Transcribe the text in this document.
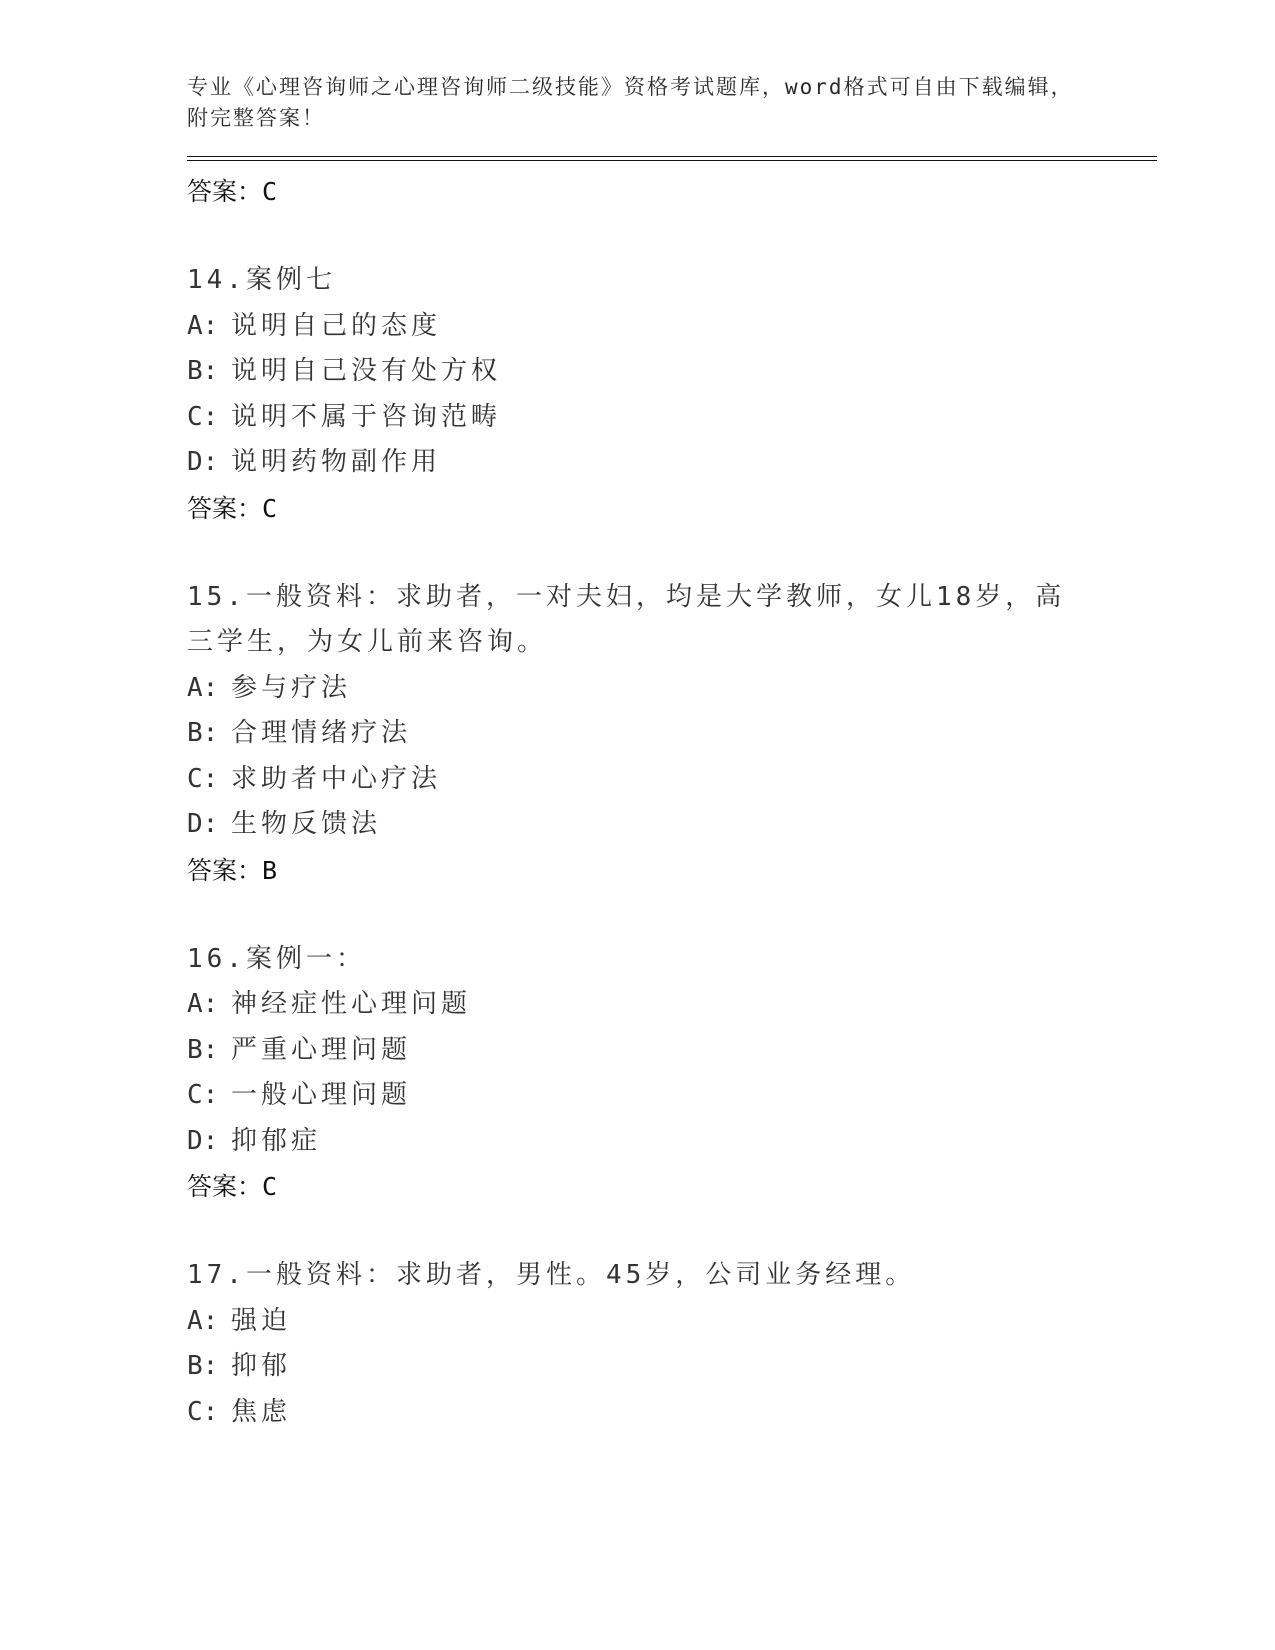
专业《心理咨询师之心理咨询师二级技能》资格考试题库，word格式可自由下载编辑，附完整答案！

答案：C

14.案例七

A: 说明自己的态度

B: 说明自己没有处方权

C: 说明不属于咨询范畴

D: 说明药物副作用

答案：C

15.一般资料：求助者，一对夫妇，均是大学教师，女儿18岁，高三学生，为女儿前来咨询。

A: 参与疗法

B: 合理情绪疗法

C: 求助者中心疗法

D: 生物反馈法

答案：B

16.案例一：

A: 神经症性心理问题

B: 严重心理问题

C: 一般心理问题

D: 抑郁症

答案：C

17.一般资料：求助者，男性。45岁，公司业务经理。

A: 强迫

B: 抑郁

C: 焦虑
